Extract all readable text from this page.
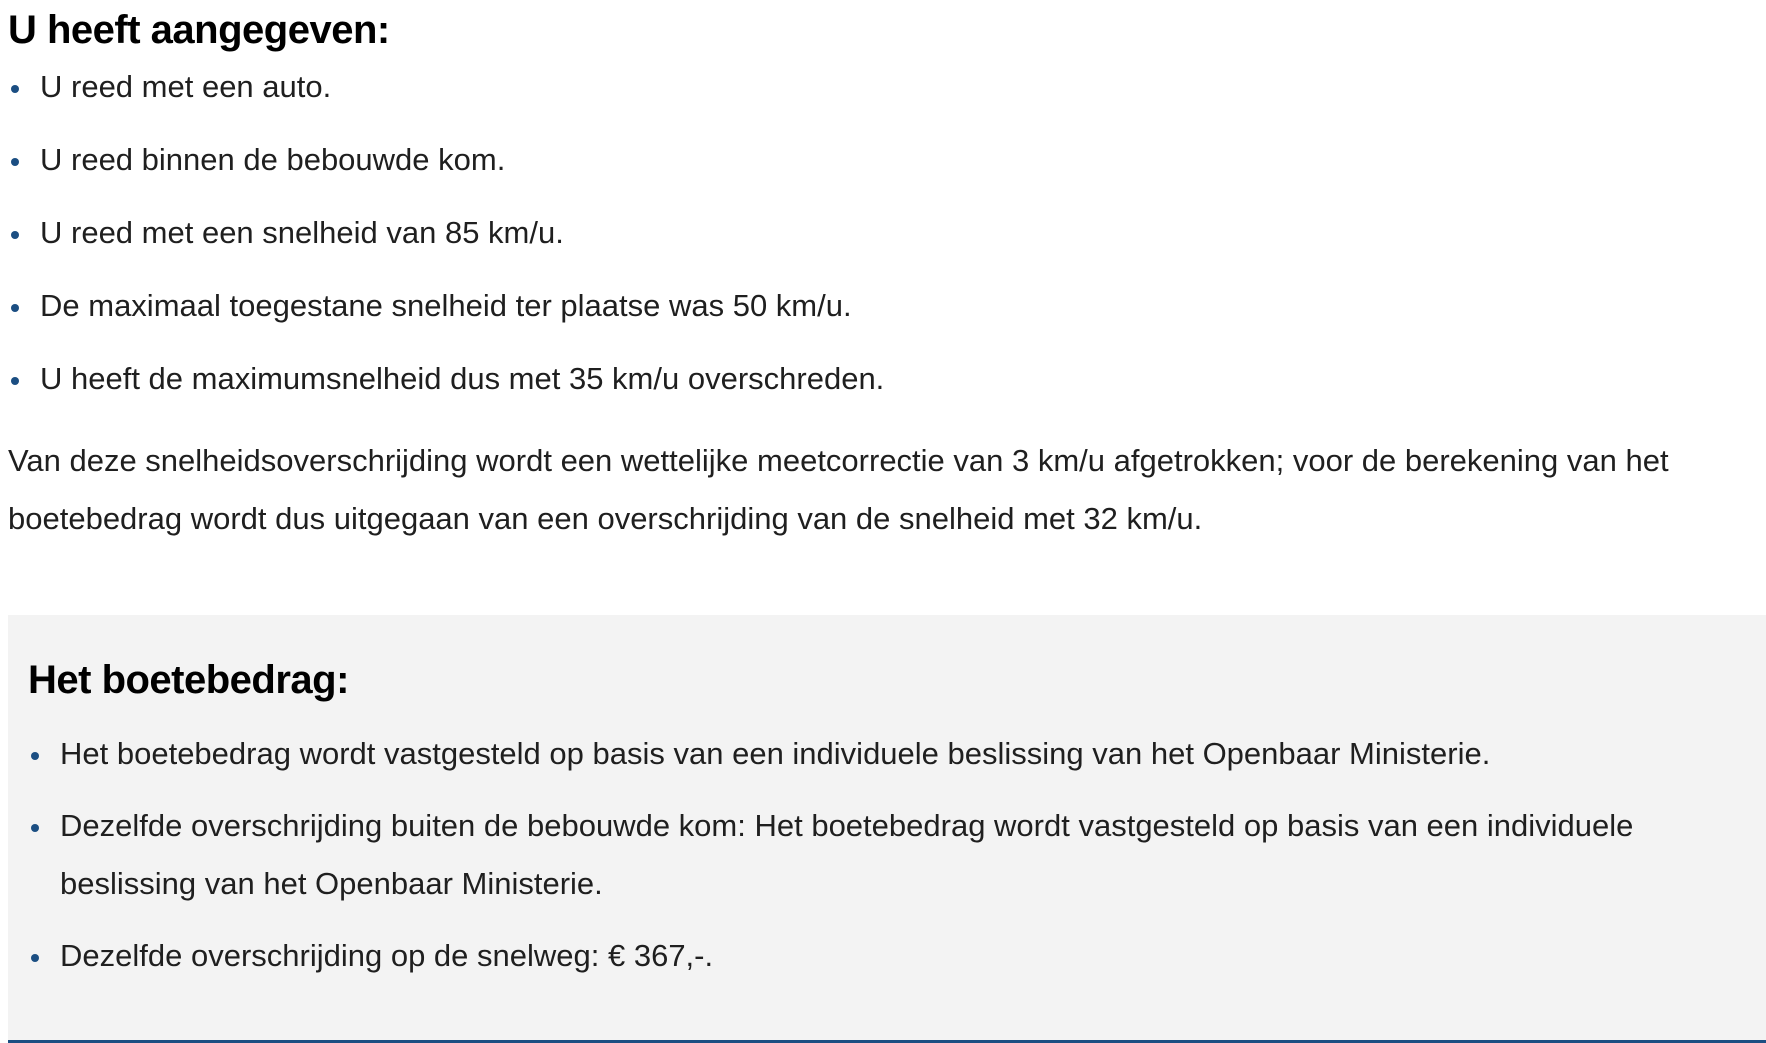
U heeft aangegeven:
U reed met een auto.
U reed binnen de bebouwde kom.
U reed met een snelheid van 85 km/u.
De maximaal toegestane snelheid ter plaatse was 50 km/u.
U heeft de maximumsnelheid dus met 35 km/u overschreden.

Van deze snelheidsoverschrijding wordt een wettelijke meetcorrectie van 3 km/u afgetrokken; voor de berekening van het boetebedrag wordt dus uitgegaan van een overschrijding van de snelheid met 32 km/u.

Het boetebedrag:
Het boetebedrag wordt vastgesteld op basis van een individuele beslissing van het Openbaar Ministerie.
Dezelfde overschrijding buiten de bebouwde kom: Het boetebedrag wordt vastgesteld op basis van een individuele beslissing van het Openbaar Ministerie.
Dezelfde overschrijding op de snelweg: € 367,-.
